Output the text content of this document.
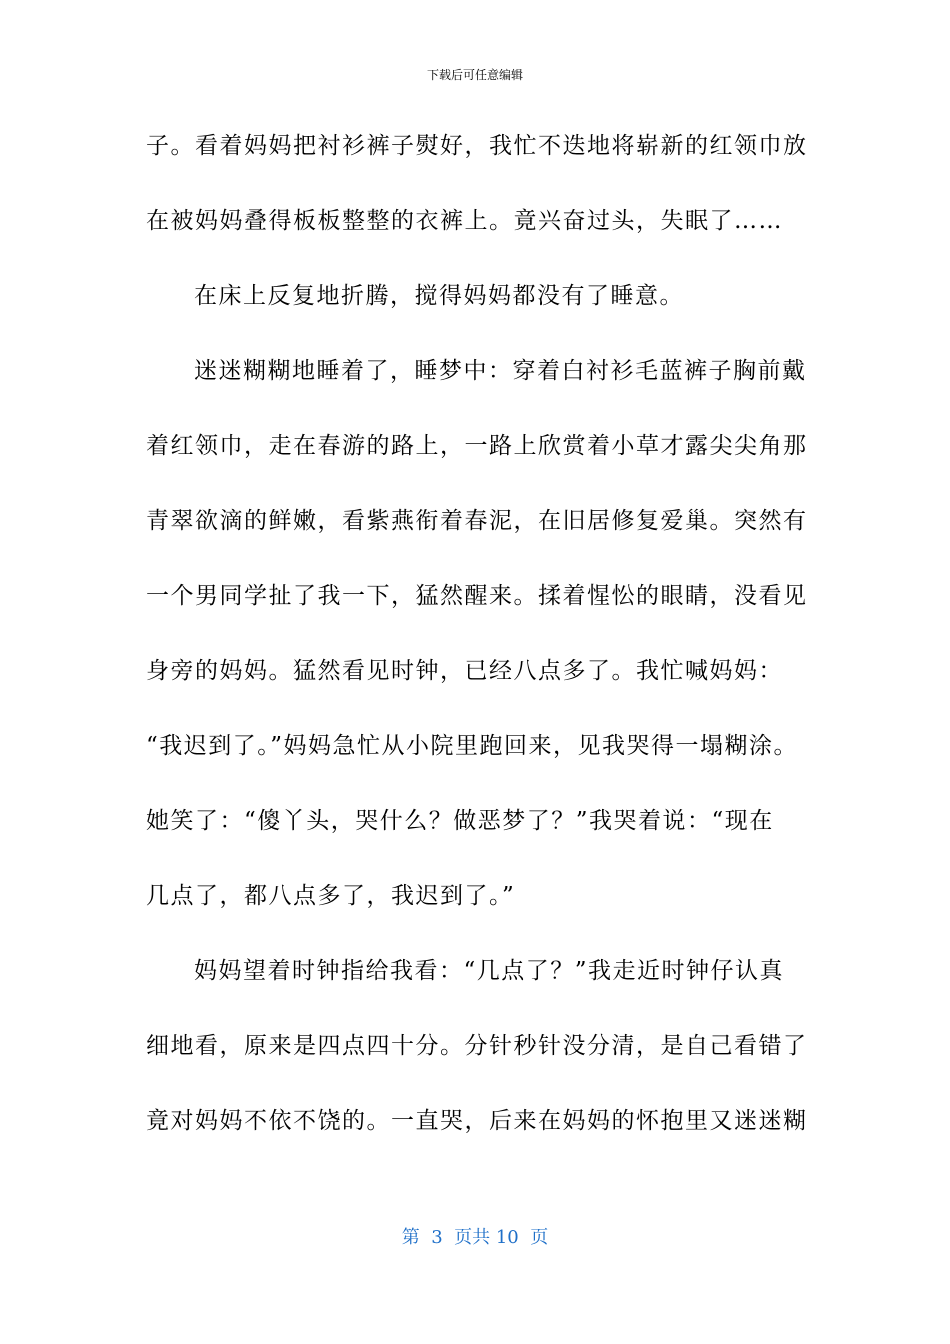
下载后可任意编辑
子。看着妈妈把衬衫裤子熨好，我忙不迭地将崭新的红领巾放
在被妈妈叠得板板整整的衣裤上。竟兴奋过头，失眠了……
在床上反复地折腾，搅得妈妈都没有了睡意。
迷迷糊糊地睡着了，睡梦中：穿着白衬衫毛蓝裤子胸前戴
着红领巾，走在春游的路上，一路上欣赏着小草才露尖尖角那
青翠欲滴的鲜嫩，看紫燕衔着春泥，在旧居修复爱巢。突然有
一个男同学扯了我一下，猛然醒来。揉着惺忪的眼睛，没看见
身旁的妈妈。猛然看见时钟，已经八点多了。我忙喊妈妈：
“我迟到了。”妈妈急忙从小院里跑回来，见我哭得一塌糊涂。
她笑了：“傻丫头，哭什么？做恶梦了？”我哭着说：“现在
几点了，都八点多了，我迟到了。”
妈妈望着时钟指给我看：“几点了？”我走近时钟仔认真
细地看，原来是四点四十分。分针秒针没分清，是自己看错了
竟对妈妈不依不饶的。一直哭，后来在妈妈的怀抱里又迷迷糊
第  3  页共 10  页
